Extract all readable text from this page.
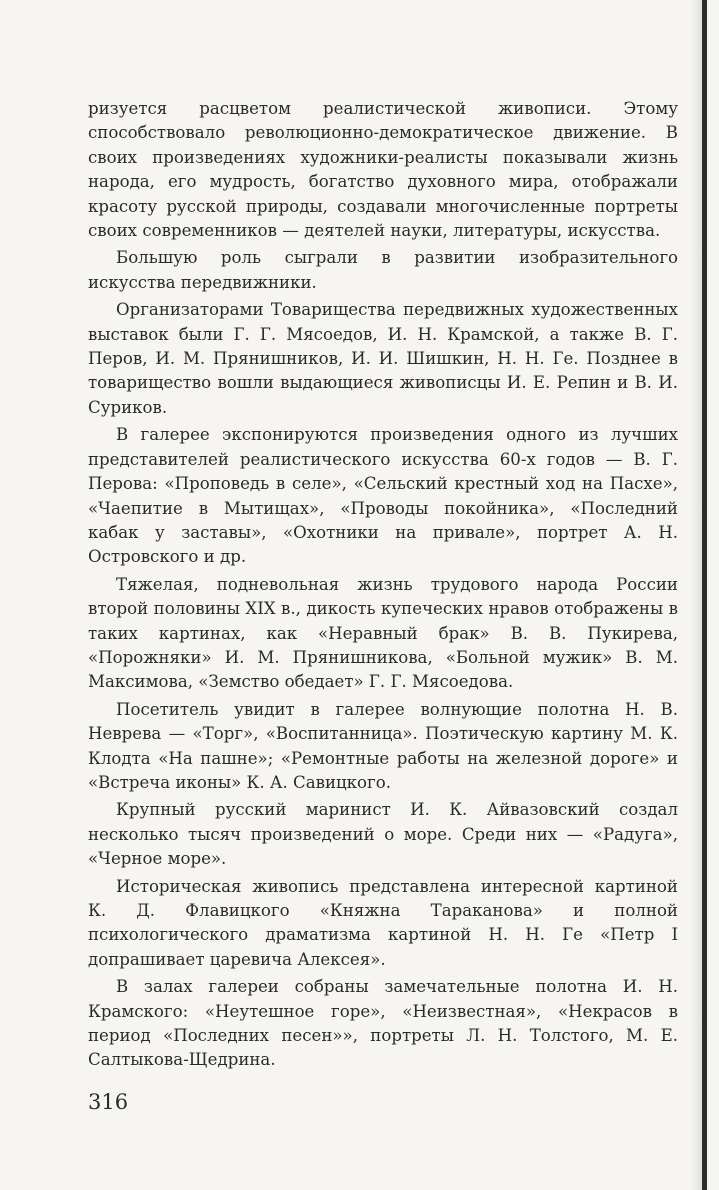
ризуется расцветом реалистической живописи. Этому способствовало революционно-демократическое движение. В своих произведениях художники-реалисты показывали жизнь народа, его мудрость, богатство духовного мира, отображали красоту русской природы, создавали многочисленные портреты своих современников — деятелей науки, литературы, искусства.

Большую роль сыграли в развитии изобразительного искусства передвижники.

Организаторами Товарищества передвижных художественных выставок были Г. Г. Мясоедов, И. Н. Крамской, а также В. Г. Перов, И. М. Прянишников, И. И. Шишкин, Н. Н. Ге. Позднее в товарищество вошли выдающиеся живописцы И. Е. Репин и В. И. Суриков.

В галерее экспонируются произведения одного из лучших представителей реалистического искусства 60-х годов — В. Г. Перова: «Проповедь в селе», «Сельский крестный ход на Пасхе», «Чаепитие в Мытищах», «Проводы покойника», «Последний кабак у заставы», «Охотники на привале», портрет А. Н. Островского и др.

Тяжелая, подневольная жизнь трудового народа России второй половины XIX в., дикость купеческих нравов отображены в таких картинах, как «Неравный брак» В. В. Пукирева, «Порожняки» И. М. Прянишникова, «Больной мужик» В. М. Максимова, «Земство обедает» Г. Г. Мясоедова.

Посетитель увидит в галерее волнующие полотна Н. В. Неврева — «Торг», «Воспитанница». Поэтическую картину М. К. Клодта «На пашне»; «Ремонтные работы на железной дороге» и «Встреча иконы» К. А. Савицкого.

Крупный русский маринист И. К. Айвазовский создал несколько тысяч произведений о море. Среди них — «Радуга», «Черное море».

Историческая живопись представлена интересной картиной К. Д. Флавицкого «Княжна Тараканова» и полной психологического драматизма картиной Н. Н. Ге «Петр I допрашивает царевича Алексея».

В залах галереи собраны замечательные полотна И. Н. Крамского: «Неутешное горе», «Неизвестная», «Некрасов в период «Последних песен»», портреты Л. Н. Толстого, М. Е. Салтыкова-Щедрина.

316
